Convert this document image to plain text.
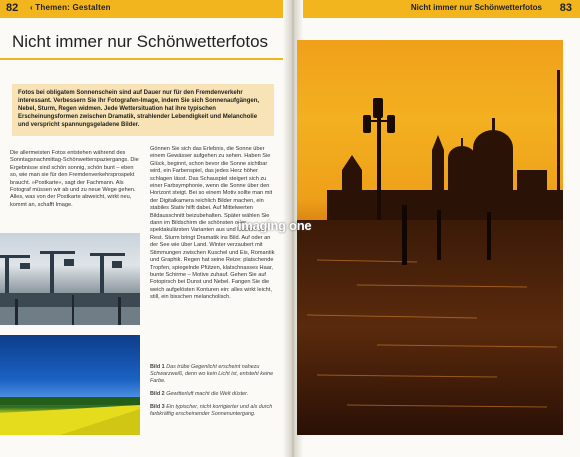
82 ‹ Themen: Gestalten	Nicht immer nur Schönwetterfotos 83
Nicht immer nur Schönwetterfotos

Fotos bei obligatem Sonnenschein sind auf Dauer nur für den Fremdenverkehr interessant. Verbessern Sie Ihr Fotografen-Image, indem Sie sich Sonnenaufgängen, Nebel, Sturm, Regen widmen. Jede Wettersituation hat ihre typischen Erscheinungsformen zwischen Dramatik, strahlender Lebendigkeit und Melancholie und verspricht spannungsgeladene Bilder.

Die allermeisten Fotos entstehen während des Sonntagsnachmittag-Schönwetterspaziergangs. Die Ergebnisse sind schön sonnig, schön bunt – eben so, wie man sie für den Fremdenverkehrsprospekt braucht. »Postkarte«, sagt der Fachmann. Als Fotograf müssen wir ab und zu neue Wege gehen. Alles, was von der Postkarte abweicht, wirkt neu, kommt an, schafft Image.

Gönnen Sie sich das Erlebnis, die Sonne über einem Gewässer aufgehen zu sehen. Haben Sie Glück, beginnt, schon bevor die Sonne sichtbar wird, ein Farbenspiel, das jedes Herz höher schlagen lässt. Das Schauspiel steigert sich zu einer Farbsymphonie, wenn die Sonne über den Horizont steigt. Bei so einem Motiv sollte man mit der Digitalkamera reichlich Bilder machen, ein stabiles Stativ hilft dabei. Auf Mittelwerten Bildausschnitt beizubehalten. Später wählen Sie dann im Bildschirm die schönsten oder spektakulärsten Varianten aus und löschen den Rest. Sturm bringt Dramatik ins Bild. Auf oder an der See wie über Land. Winter verzaubert mit Stimmungen zwischen Kuschel und Eis, Romantik und Graphik. Regen hat seine Reize: platschende Tropfen, spiegelnde Pfützen, klatschnasses Haar, bunte Schirme – Motive zuhauf. Gehen Sie auf Fotopirsch bei Dunst und Nebel. Fangen Sie die weich aufgelösten Konturen ein: alles wirkt leicht, still, ein bisschen melancholisch.

Bild 1 Das trübe Gegenlicht erscheint nahezu Schwarzweiß, denn wo kein Licht ist, entsteht keine Farbe.

Bild 2 Gewitterluft macht die Welt düster.

Bild 3 Ein typischer, nicht korrigierter und als durch farbkräftig erscheinender Sonnenuntergang.

imaging one
